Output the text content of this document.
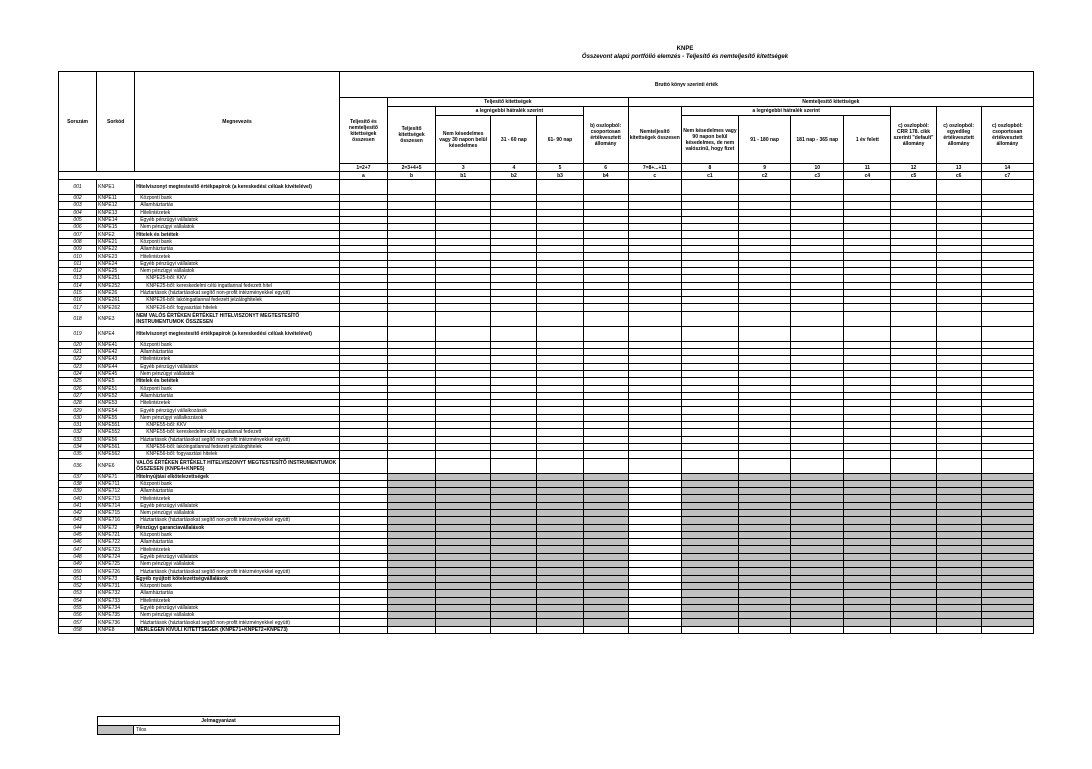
KNPE
Összevont alapú portfólió elemzés - Teljesítő és nemteljesítő kitettségek
Sorszám	Sorkód	Megnevezés	Bruttó könyv szerinti érték													
			Teljesítő és nemteljesítő kitettségek összesen	Teljesítő kitettségek					Nemteljesítő kitettségek							
				Teljesítő kitettségek összesen	a legrégebbi hátralék szerint			b) oszlopból: csoportosan értékvesztett állomány	Nemteljesítő kitettségek összesen	a legrégebbi hátralék szerint				c) oszlopból: CRR 178. cikk szerinti "default" állomány	c) oszlopból: egyedileg értékvesztett állomány	c) oszlopból: csoportosan értékvesztett állomány
					Nem késedelmes vagy 30 napon belül késedelmes	31 - 60 nap	61- 90 nap			Nem késedelmes vagy 90 napon belül késedelmes, de nem valószínű, hogy fizet	91 - 180 nap	181 nap - 365 nap	1 év felett			
			1=2+7	2=3+4+5	3	4	5	6	7=8+...+11	8	9	10	11	12	13	14
			a	b	b1	b2	b3	b4	c	c1	c2	c3	c4	c5	c6	c7
001	KNPE1	Hitelviszonyt megtestesítő értékpapírok (a kereskedési célúak kivételével)														
002	KNPE11	Központi bank														
003	KNPE12	Államháztartás														
004	KNPE13	Hitelintézetek														
005	KNPE14	Egyéb pénzügyi vállalatok														
006	KNPE15	Nem pénzügyi vállalatok														
007	KNPE2	Hitelek és betétek														
008	KNPE21	Központi bank														
009	KNPE22	Államháztartás														
010	KNPE23	Hitelintézetek														
011	KNPE24	Egyéb pénzügyi vállalatok														
012	KNPE25	Nem pénzügyi vállalatok														
013	KNPE251	KNPE25-ből: KKV														
014	KNPE252	KNPE25-ből: kereskedelmi célú ingatlannal fedezett hitel														
015	KNPE26	Háztartások (háztartásokat segítő non-profit intézményekkel együtt)														
016	KNPE261	KNPE26-ből: lakóingatlannal fedezett jelzáloghitelek														
017	KNPE262	KNPE26-ből: fogyasztási hitelek														
018	KNPE3	NEM VALÓS ÉRTÉKEN ÉRTÉKELT HITELVISZONYT MEGTESTESÍTŐ INSTRUMENTUMOK ÖSSZESEN														
019	KNPE4	Hitelviszonyt megtestesítő értékpapírok (a kereskedési célúak kivételével)														
020	KNPE41	Központi bank														
021	KNPE42	Államháztartás														
022	KNPE43	Hitelintézetek														
023	KNPE44	Egyéb pénzügyi vállalatok														
024	KNPE45	Nem pénzügyi vállalatok														
025	KNPE5	Hitelek és betétek														
026	KNPE51	Központi bank														
027	KNPE52	Államháztartás														
028	KNPE53	Hitelintézetek														
029	KNPE54	Egyéb pénzügyi vállalkozások														
030	KNPE55	Nem pénzügyi vállalkozások														
031	KNPE551	KNPE55-ből: KKV														
032	KNPE552	KNPE55-ből: kereskedelmi célú ingatlannal fedezett														
033	KNPE56	Háztartások (háztartásokat segítő non-profit intézményekkel együtt)														
034	KNPE561	KNPE56-ből: lakóingatlannal fedezett jelzáloghitelek														
035	KNPE562	KNPE56-ből: fogyasztási hitelek														
036	KNPE6	VALÓS ÉRTÉKEN ÉRTÉKELT HITELVISZONYT MEGTESTESÍTŐ INSTRUMENTUMOK ÖSSZESEN (KNPE4+KNPE5)														
037	KNPE71	Hitelnyújtási elkötelezettségek														
038	KNPE711	Központi bank														
039	KNPE712	Államháztartás														
040	KNPE713	Hitelintézetek														
041	KNPE714	Egyéb pénzügyi vállalatok														
042	KNPE715	Nem pénzügyi vállalatok														
043	KNPE716	Háztartások (háztartásokat segítő non-profit intézményekkel együtt)														
044	KNPE72	Pénzügyi garanciavállalások														
045	KNPE721	Központi bank														
046	KNPE722	Államháztartás														
047	KNPE723	Hitelintézetek														
048	KNPE724	Egyéb pénzügyi vállalatok														
049	KNPE725	Nem pénzügyi vállalatok														
050	KNPE726	Háztartások (háztartásokat segítő non-profit intézményekkel együtt)														
051	KNPE73	Egyéb nyújtott kötelezettségvállalások														
052	KNPE731	Központi bank														
053	KNPE732	Államháztartás														
054	KNPE733	Hitelintézetek														
055	KNPE734	Egyéb pénzügyi vállalatok														
056	KNPE735	Nem pénzügyi vállalatok														
057	KNPE736	Háztartások (háztartásokat segítő non-profit intézményekkel együtt)														
058	KNPE8	MÉRLEGEN KÍVÜLI KITETTSÉGEK (KNPE71+KNPE72+KNPE73)														
Jelmagyarázat
	Tilos
